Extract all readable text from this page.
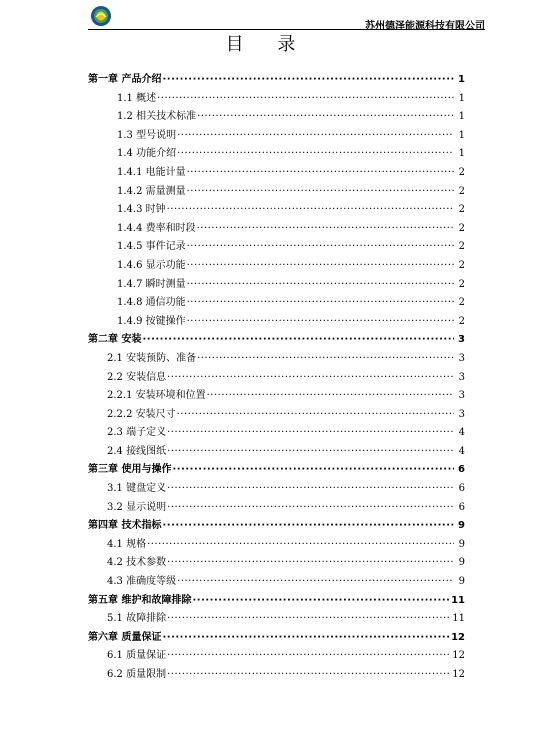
苏州德泽能源科技有限公司
目 录
第一章 产品介绍 ·····	1
1.1 概述 ·····	1
1.2 相关技术标准 ·····	1
1.3 型号说明 ·····	1
1.4 功能介绍 ·····	1
1.4.1 电能计量 ·····	2
1.4.2 需量测量 ·····	2
1.4.3 时钟 ·····	2
1.4.4 费率和时段 ·····	2
1.4.5 事件记录 ·····	2
1.4.6 显示功能 ·····	2
1.4.7 瞬时测量 ·····	2
1.4.8 通信功能 ·····	2
1.4.9 按键操作 ·····	2
第二章 安装 ·····	3
2.1 安装预防、准备 ·····	3
2.2 安装信息 ·····	3
2.2.1 安装环境和位置 ·····	3
2.2.2 安装尺寸 ·····	3
2.3 端子定义 ·····	4
2.4 接线图纸 ·····	4
第三章 使用与操作 ·····	6
3.1 键盘定义 ·····	6
3.2 显示说明 ·····	6
第四章 技术指标 ·····	9
4.1 规格 ·····	9
4.2 技术参数 ·····	9
4.3 准确度等级 ·····	9
第五章 维护和故障排除 ·····	11
5.1 故障排除 ·····	11
第六章 质量保证 ·····	12
6.1 质量保证 ·····	12
6.2 质量限制 ·····	12
